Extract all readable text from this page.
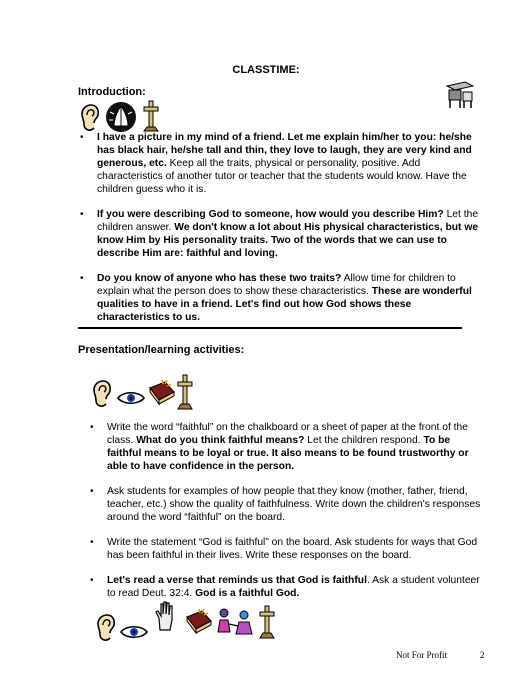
CLASSTIME:
Introduction:
• I have a picture in my mind of a friend. Let me explain him/her to you: he/she has black hair, he/she tall and thin, they love to laugh, they are very kind and generous, etc. Keep all the traits, physical or personality, positive. Add characteristics of another tutor or teacher that the students would know. Have the children guess who it is.
• If you were describing God to someone, how would you describe Him? Let the children answer. We don't know a lot about His physical characteristics, but we know Him by His personality traits. Two of the words that we can use to describe Him are: faithful and loving.
• Do you know of anyone who has these two traits? Allow time for children to explain what the person does to show these characteristics. These are wonderful qualities to have in a friend. Let's find out how God shows these characteristics to us.
Presentation/learning activities:
• Write the word “faithful” on the chalkboard or a sheet of paper at the front of the class. What do you think faithful means? Let the children respond. To be faithful means to be loyal or true. It also means to be found trustworthy or able to have confidence in the person.
• Ask students for examples of how people that they know (mother, father, friend, teacher, etc.) show the quality of faithfulness. Write down the children's responses around the word “faithful” on the board.
• Write the statement “God is faithful” on the board. Ask students for ways that God has been faithful in their lives. Write these responses on the board.
• Let's read a verse that reminds us that God is faithful. Ask a student volunteer to read Deut. 32:4. God is a faithful God.
Not For Profit	2
